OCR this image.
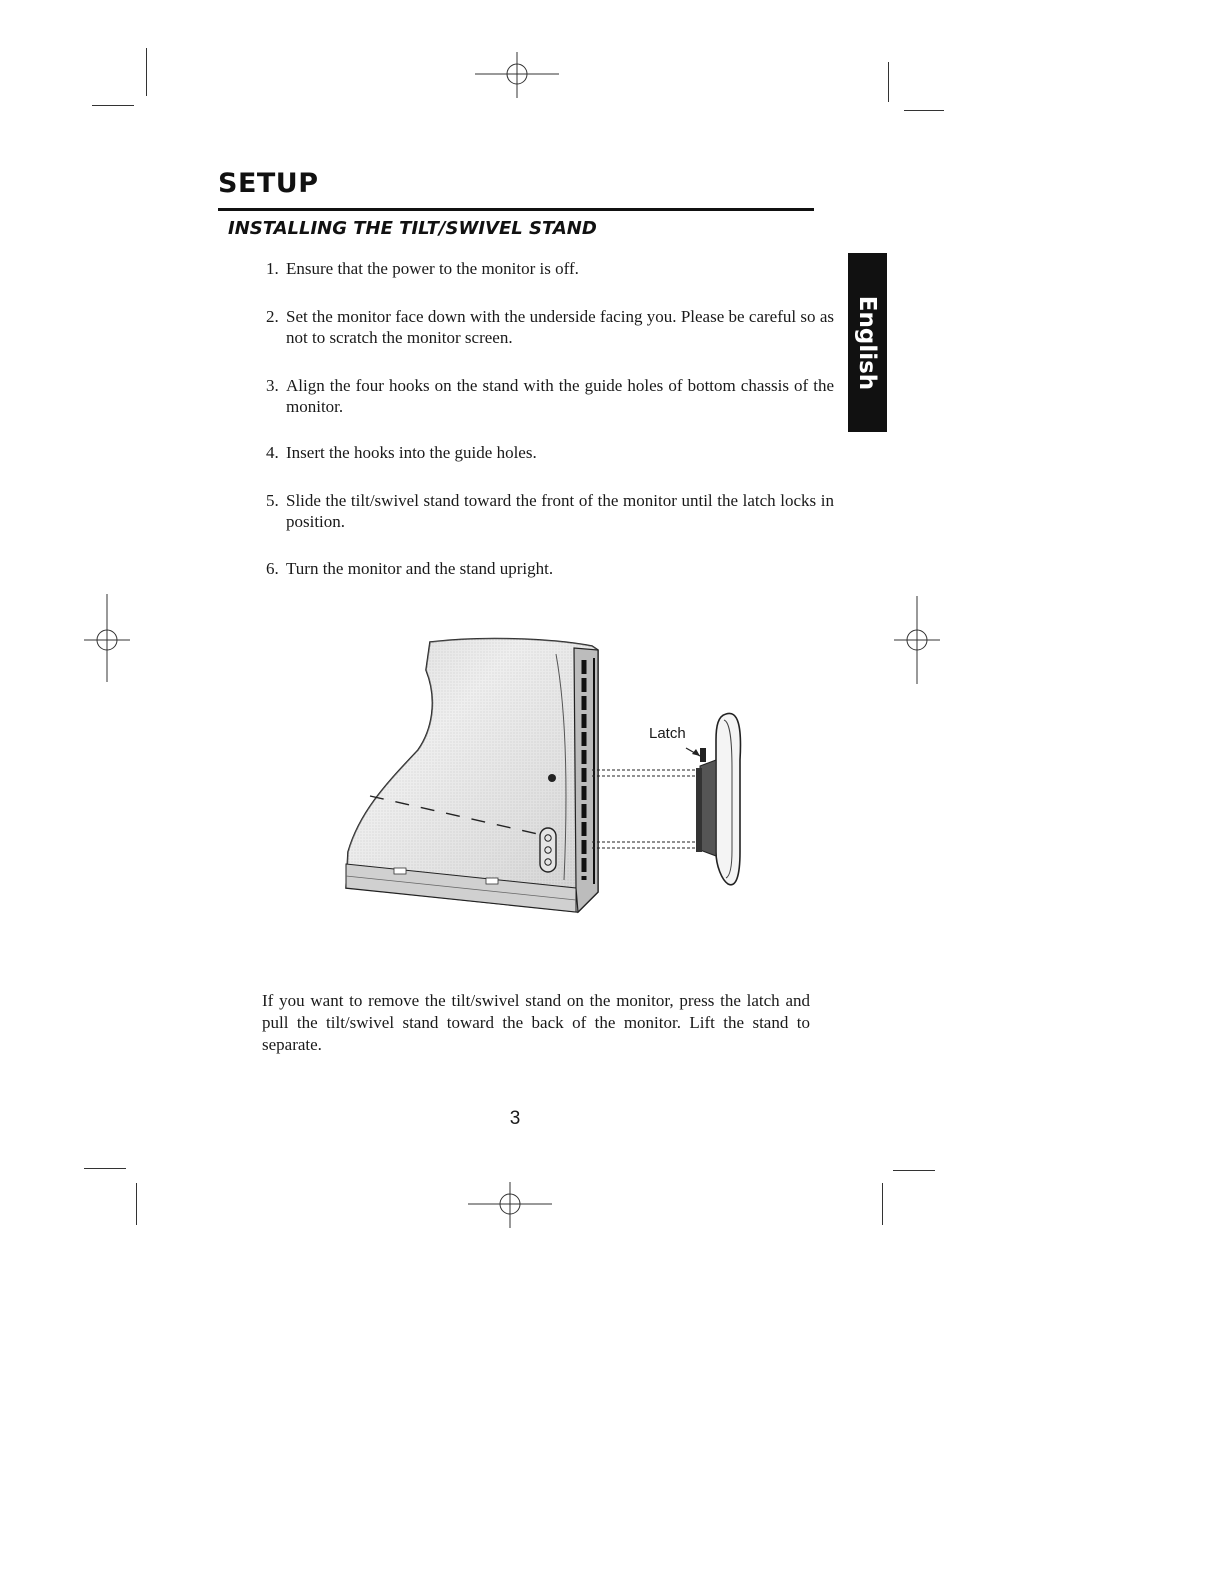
SETUP
INSTALLING THE TILT/SWIVEL STAND
English
1. Ensure that the power to the monitor is off.
2. Set the monitor face down with the underside facing you. Please be careful so as not to scratch the monitor screen.
3. Align the four hooks on the stand with the guide holes of bottom chassis of the monitor.
4. Insert the hooks into the guide holes.
5. Slide the tilt/swivel stand toward the front of the monitor until the latch locks in position.
6. Turn the monitor and the stand upright.
Latch
If you want to remove the tilt/swivel stand on the monitor, press the latch and pull the tilt/swivel stand toward the back of the monitor. Lift the stand to separate.
3
